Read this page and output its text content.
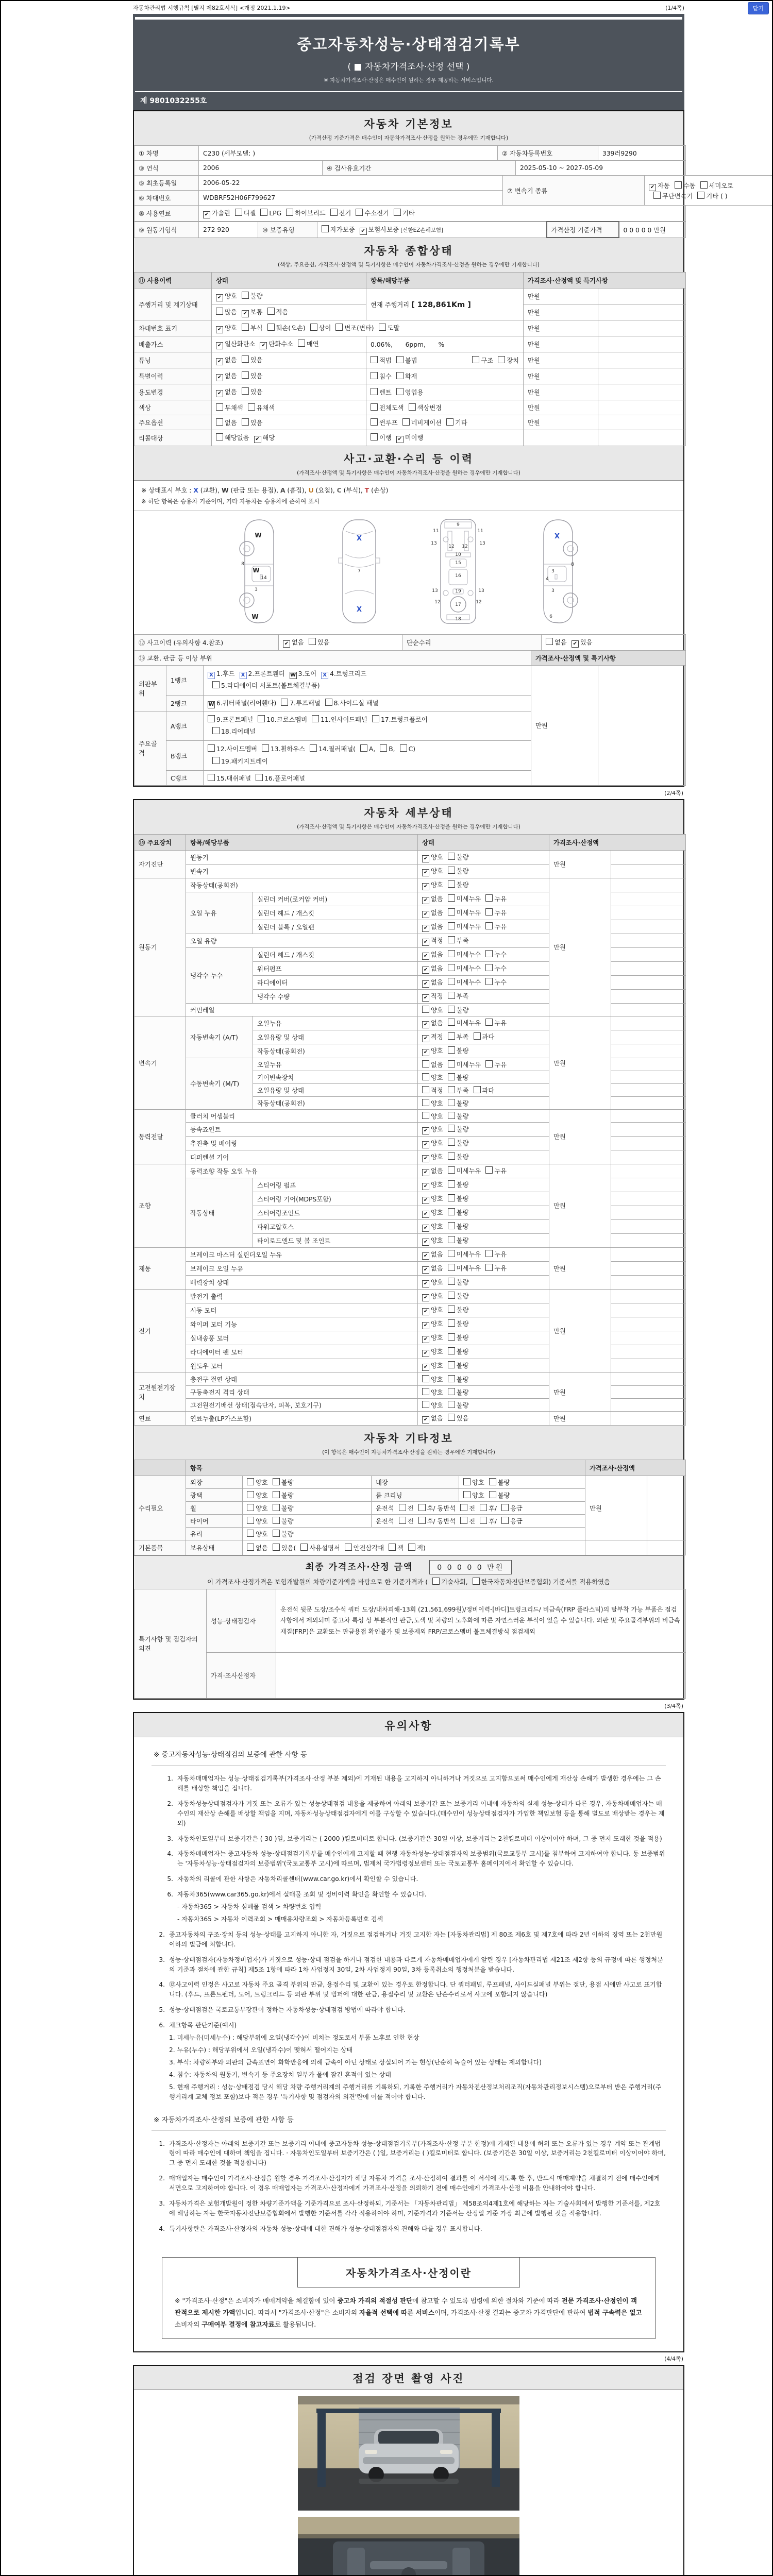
닫기
자동차관리법 시행규칙 [별지 제82호서식] <개정 2021.1.19>	(1/4쪽)
중고자동차성능·상태점검기록부
( ■ 자동차가격조사·산정 선택 )
※ 자동차가격조사·산정은 매수인이 원하는 경우 제공하는 서비스입니다.
제 9801032255호
자동차 기본정보
(가격산정 기준가격은 매수인이 자동차가격조사·산정을 원하는 경우에만 기재합니다)
① 차명	C230 (세부모델: )	② 자동차등록번호	339러9290
③ 연식	2006	④ 검사유효기간	2025-05-10 ~ 2027-05-09
⑤ 최초등록일	2006-05-22	⑦ 변속기 종류	✔ 자동 수동 세미오토
무단변속기 기타 ( )
⑥ 차대번호	WDBRF52H06F799627		
⑧ 사용연료	✔ 가솔린 디젤 LPG 하이브리드 전기 수소전기 기타
⑨ 원동기형식	272 920	⑩ 보증유형	자가보증 ✔ 보험사보증 [신한EZ손해보험]	가격산정 기준가격	0 0 0 0 0 만원
자동차 종합상태
(색상, 주요옵션, 가격조사·산정액 및 특기사항은 매수인이 자동차가격조사·산정을 원하는 경우에만 기재합니다)
⑪ 사용이력	상태	항목/해당부품	가격조사·산정액 및 특기사항	
주행거리 및 계기상태	✔ 양호 불량	현재 주행거리 [ 128,861Km ]	만원	
	많음 ✔ 보통 적음		만원	
차대번호 표기	✔ 양호 부식 훼손(오손) 상이 변조(변타) 도말		만원	
배출가스	✔ 일산화탄소 ✔ 탄화수소 매연	0.06%,　　6ppm,　　%	만원	
튜닝	✔ 없음 있음	적법 불법 구조 장치	만원	
특별이력	✔ 없음 있음	침수 화재	만원	
용도변경	✔ 없음 있음	렌트 영업용	만원	
색상	무채색 유채색	전체도색 색상변경	만원	
주요옵션	없음 있음	썬루프 네비게이션 기타	만원	
리콜대상	해당없음 ✔ 해당	이행 ✔ 미이행		
사고·교환·수리 등 이력
(가격조사·산정액 및 특기사항은 매수인이 자동차가격조사·산정을 원하는 경우에만 기재합니다)
※ 상태표시 부호 : X (교환), W (판금 또는 용접), A (흠집), U (요철), C (부식), T (손상)
※ 하단 항목은 승용차 기준이며, 기타 자동차는 승용차에 준하여 표시
W
8
W
14
3
W
X
7
X
11	11
9
13	13
12 12
10
15
16
19
13	13
12	12
17
18
X
8
3
4
3
6
⑫ 사고이력 (유의사항 4.참조)	✔ 없음 있음	단순수리	없음 ✔ 있음
⑬ 교환, 판금 등 이상 부위			가격조사·산정액 및 특기사항	
외판부위	1랭크	X 1.후드 X 2.프론트휀더 W 3.도어 X 4.트렁크리드
5.라디에이터 서포트(볼트체결부품)	만원	
	2랭크	W 6.쿼터패널(리어휀다) 7.루프패널 8.사이드실 패널		
주요골격	A랭크	9.프론트패널 10.크로스멤버 11.인사이드패널 17.트렁크플로어
18.리어패널		
	B랭크	12.사이드멤버 13.휠하우스 14.필러패널( A, B, C)
19.패키지트레이		
	C랭크	15.대쉬패널 16.플로어패널		
(2/4쪽)
자동차 세부상태
(가격조사·산정액 및 특기사항은 매수인이 자동차가격조사·산정을 원하는 경우에만 기재합니다)
⑭ 주요장치	항목/해당부품		상태	가격조사·산정액	
자기진단	원동기		✔ 양호 불량	만원	
	변속기		✔ 양호 불량		
원동기	작동상태(공회전)		✔ 양호 불량	만원	
	오일 누유	실린더 커버(로커암 커버)	✔ 없음 미세누유 누유		
		실린더 헤드 / 개스킷	✔ 없음 미세누유 누유		
		실린더 블록 / 오일팬	✔ 없음 미세누유 누유		
	오일 유량		✔ 적정 부족		
	냉각수 누수	실린더 헤드 / 개스킷	✔ 없음 미세누수 누수		
		워터펌프	✔ 없음 미세누수 누수		
		라디에이터	✔ 없음 미세누수 누수		
		냉각수 수량	✔ 적정 부족		
	커먼레일		양호 불량		
변속기	자동변속기 (A/T)	오일누유	✔ 없음 미세누유 누유	만원	
		오일유량 및 상태	✔ 적정 부족 과다		
		작동상태(공회전)	✔ 양호 불량		
	수동변속기 (M/T)	오일누유	없음 미세누유 누유		
		기어변속장치	양호 불량		
		오일유량 및 상태	적정 부족 과다		
		작동상태(공회전)	양호 불량		
동력전달	클러치 어셈블리		양호 불량	만원	
	등속죠인트		✔ 양호 불량		
	추진축 및 베어링		✔ 양호 불량		
	디퍼렌셜 기어		✔ 양호 불량		
조향	동력조향 작동 오일 누유		✔ 없음 미세누유 누유	만원	
	작동상태	스티어링 펌프	✔ 양호 불량		
		스티어링 기어(MDPS포함)	✔ 양호 불량		
		스티어링조인트	✔ 양호 불량		
		파워고압호스	✔ 양호 불량		
		타이로드엔드 및 볼 조인트	✔ 양호 불량		
제동	브레이크 마스터 실린더오일 누유		✔ 없음 미세누유 누유	만원	
	브레이크 오일 누유		✔ 없음 미세누유 누유		
	배력장치 상태		✔ 양호 불량		
전기	발전기 출력		✔ 양호 불량	만원	
	시동 모터		✔ 양호 불량		
	와이퍼 모터 기능		✔ 양호 불량		
	실내송풍 모터		✔ 양호 불량		
	라디에이터 팬 모터		✔ 양호 불량		
	윈도우 모터		✔ 양호 불량		
고전원전기장치	충전구 절연 상태		양호 불량	만원	
	구동축전지 격리 상태		양호 불량		
	고전원전기배선 상태(접속단자, 피복, 보호기구)		양호 불량		
연료	연료누출(LP가스포함)		✔ 없음 있음	만원	
자동차 기타정보
(이 항목은 매수인이 자동차가격조사·산정을 원하는 경우에만 기재합니다)
	항목				가격조사·산정액	
수리필요	외장	양호 불량	내장	양호 불량	만원	
	광택	양호 불량	룸 크리닝	양호 불량		
	휠	양호 불량	운전석 전 후/ 동반석 전 후/ 응급			
	타이어	양호 불량	운전석 전 후/ 동반석 전 후/ 응급			
	유리	양호 불량				
기본품목	보유상태	없음 있음( 사용설명서 안전삼각대 잭 잭)				
최종 가격조사·산정 금액	0 0 0 0 0 만원
이 가격조사·산정가격은 보험개발원의 차량기준가액을 바탕으로 한 기준가격과 ( 기술사회, 한국자동차진단보증협회) 기준서를 적용하였음
특기사항 및 점검자의 의견	성능·상태점검자	운전석 뒷문 도장/조수석 쿼터 도장/내차피해-13회 (21,561,699원)/정비이력-[바디]트렁크리드/ 비금속(FRP 플라스틱)의 탈부착 가능 부품은 점검사항에서 제외되며 중고차 특성 상 부분적인 판금,도색 및 차량의 노후화에 따른 자연스러운 부식이 있을 수 있습니다. 외판 및 주요골격부위의 비금속재질(FRP)은 교환또는 판금용접 확인불가 및 보증제외 FRP/크로스멤버 볼트체결방식 점검제외
	가격·조사산정자	
(3/4쪽)
유의사항
※ 중고자동차성능·상태점검의 보증에 관한 사항 등
1. 자동차매매업자는 성능·상태점검기록부(가격조사·산정 부분 제외)에 기재된 내용을 고지하지 아니하거나 거짓으로 고지함으로써 매수인에게 재산상 손해가 발생한 경우에는 그 손해를 배상할 책임을 집니다.
2. 자동차성능상태점검자가 거짓 또는 오류가 있는 성능상태점검 내용을 제공하여 아래의 보증기간 또는 보증거리 이내에 자동차의 실제 성능·상태가 다른 경우, 자동차매매업자는 매수인의 재산상 손해를 배상할 책임을 지며, 자동차성능상태점검자에게 이를 구상할 수 있습니다.(매수인이 성능상태점검자가 가입한 책임보험 등을 통해 별도로 배상받는 경우는 제외)
3. 자동차인도일부터 보증기간은 ( 30 )일, 보증거리는 ( 2000 )킬로미터로 합니다. (보증기간은 30일 이상, 보증거리는 2천킬로미터 이상이어야 하며, 그 중 먼저 도래한 것을 적용)
4. 자동차매매업자는 중고자동차 성능·상태점검기록부를 매수인에게 고지할 때 현행 자동차성능·상태점검자의 보증범위(국토교통부 고시)를 첨부하여 고지하여야 합니다. 동 보증범위는 '자동차성능·상태점검자의 보증범위'(국토교통부 고시)에 따르며, 법제처 국가법령정보센터 또는 국토교통부 홈페이지에서 확인할 수 있습니다.
5. 자동차의 리콜에 관한 사항은 자동차리콜센터(www.car.go.kr)에서 확인할 수 있습니다.
6. 자동차365(www.car365.go.kr)에서 실매물 조회 및 정비이력 확인을 확인할 수 있습니다.
- 자동차365 > 자동차 실매물 검색 > 차량번호 입력
- 자동차365 > 자동차 이력조회 > 매매용차량조회 > 자동차등록번호 검색
2. 중고자동차의 구조·장치 등의 성능·상태를 고지하지 아니한 자, 거짓으로 점검하거나 거짓 고지한 자는 [자동차관리법] 제 80조 제6호 및 제7호에 따라 2년 이하의 징역 또는 2천만원 이하의 벌금에 처합니다.
3. 성능·상태점검자(자동차정비업자)가 거짓으로 성능·상태 점검을 하거나 점검한 내용과 다르게 자동차매매업자에게 알린 경우 [자동차관리법 제21조 제2항 등의 규정에 따른 행정처분의 기준과 절차에 관한 규칙] 제5조 1항에 따라 1차 사업정지 30일, 2차 사업정지 90일, 3차 등록취소의 행정처분을 받습니다.
4. ⑫사고이력 인정은 사고로 자동차 주요 골격 부위의 판금, 용접수리 및 교환이 있는 경우로 한정합니다. 단 쿼터패널, 루프패널, 사이드실패널 부위는 절단, 용접 시에만 사고로 표기합니다. (후드, 프론트펜더, 도어, 트렁크리드 등 외판 부위 및 범퍼에 대한 판금, 용접수리 및 교환은 단순수리로서 사고에 포함되지 않습니다)
5. 성능·상태점검은 국토교통부장관이 정하는 자동차성능·상태점검 방법에 따라야 합니다.
6. 체크항목 판단기준(예시)
1. 미세누유(미세누수) : 해당부위에 오일(냉각수)이 비치는 정도로서 부품 노후로 인한 현상
2. 누유(누수) : 해당부위에서 오일(냉각수)이 맺혀서 떨어지는 상태
3. 부식: 차량하부와 외판의 금속표면이 화학반응에 의해 금속이 아닌 상태로 상실되어 가는 현상(단순히 녹슬어 있는 상태는 제외합니다)
4. 침수: 자동차의 원동기, 변속기 등 주요장치 일부가 물에 잠긴 흔적이 있는 상태
5. 현재 주행거리 : 성능·상태점검 당시 해당 차량 주행거리계의 주행거리를 기록하되, 기록한 주행거리가 자동차전산정보처리조직(자동차관리정보시스템)으로부터 받은 주행거리(주행거리계 교체 정보 포함)보다 적은 경우 '특기사항 및 점검자의 의견'란에 이를 적어야 합니다.
※ 자동차가격조사·산정의 보증에 관한 사항 등
1. 가격조사·산정자는 아래의 보증기간 또는 보증거리 이내에 중고자동차 성능·상태점검기록부(가격조사·산정 부분 한정)에 기재된 내용에 허위 또는 오류가 있는 경우 계약 또는 관계법령에 따라 매수인에 대하여 책임을 집니다. · 자동차인도일부터 보증기간은 ( )일, 보증거리는 ( )킬로미터로 합니다. (보증기간은 30일 이상, 보증거리는 2천킬로미터 이상이어야 하며, 그 중 먼저 도래한 것을 적용합니다)
2. 매매업자는 매수인이 가격조사·산정을 원할 경우 가격조사·산정자가 해당 자동차 가격을 조사·산정하여 결과를 이 서식에 적도록 한 후, 반드시 매매계약을 체결하기 전에 매수인에게 서면으로 고지하여야 합니다. 이 경우 매매업자는 가격조사·산정자에게 가격조사·산정을 의뢰하기 전에 매수인에게 가격조사·산정 비용을 안내하여야 합니다.
3. 자동차가격은 보험개발원이 정한 차량기준가액을 기준가격으로 조사·산정하되, 기준서는 「자동차관리법」 제58조의4제1호에 해당하는 자는 기술사회에서 발행한 기준서를, 제2호에 해당하는 자는 한국자동차진단보증협회에서 발행한 기준서를 각각 적용하여야 하며, 기준가격과 기준서는 산정일 기준 가장 최근에 발행된 것을 적용합니다.
4. 특기사항란은 가격조사·산정자의 자동차 성능·상태에 대한 견해가 성능·상태점검자의 견해와 다를 경우 표시합니다.
자동차가격조사·산정이란
※ "가격조사·산정"은 소비자가 매매계약을 체결함에 있어 중고차 가격의 적절성 판단에 참고할 수 있도록 법령에 의한 절차와 기준에 따라 전문 가격조사·산정인이 객관적으로 제시한 가액입니다. 따라서 "가격조사·산정"은 소비자의 자율적 선택에 따른 서비스이며, 가격조사·산정 결과는 중고차 가격판단에 관하여 법적 구속력은 없고 소비자의 구매여부 결정에 참고자료로 활용됩니다.
(4/4쪽)
점검 장면 촬영 사진
